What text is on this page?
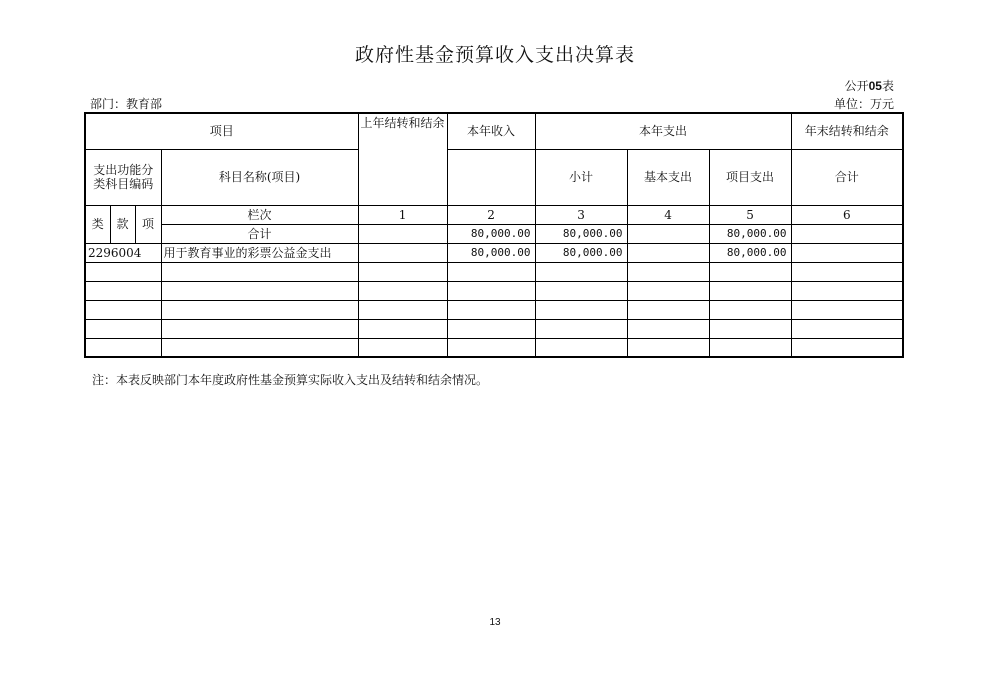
政府性基金预算收入支出决算表
公开05表
部门：教育部	单位：万元
项目				上年结转和结余	本年收入	本年支出			年末结转和结余
支出功能分类科目编码			科目名称(项目)			小计	基本支出	项目支出	合计
类	款	项	栏次	1	2	3	4	5	6
			合计		80,000.00	80,000.00		80,000.00	
2296004			用于教育事业的彩票公益金支出		80,000.00	80,000.00		80,000.00	

注：本表反映部门本年度政府性基金预算实际收入支出及结转和结余情况。
13
